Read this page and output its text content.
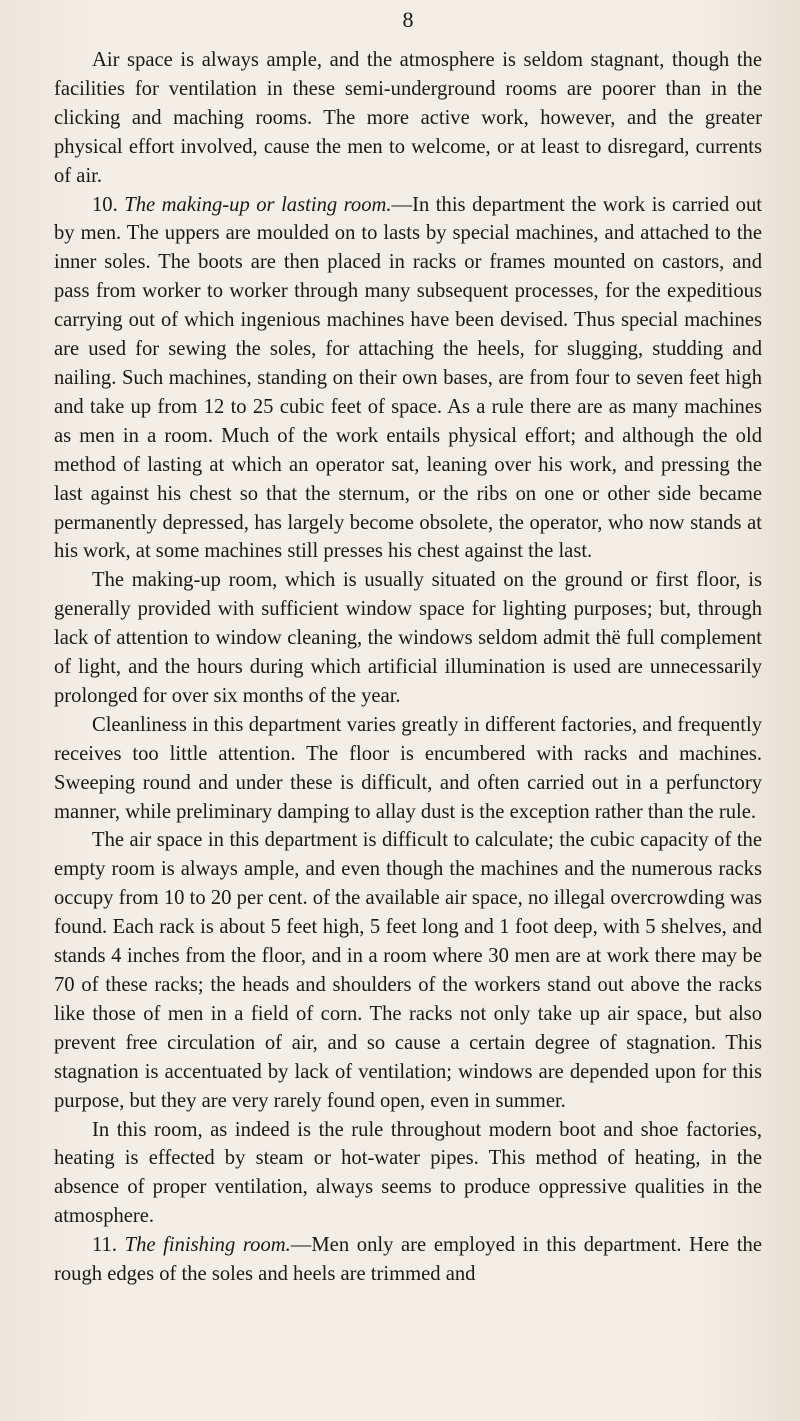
8

Air space is always ample, and the atmosphere is seldom stagnant, though the facilities for ventilation in these semi-underground rooms are poorer than in the clicking and maching rooms. The more active work, however, and the greater physical effort involved, cause the men to welcome, or at least to disregard, currents of air.

10. The making-up or lasting room.—In this department the work is carried out by men. The uppers are moulded on to lasts by special machines, and attached to the inner soles. The boots are then placed in racks or frames mounted on castors, and pass from worker to worker through many subsequent processes, for the expeditious carrying out of which ingenious machines have been devised. Thus special machines are used for sewing the soles, for attaching the heels, for slugging, studding and nailing. Such machines, standing on their own bases, are from four to seven feet high and take up from 12 to 25 cubic feet of space. As a rule there are as many machines as men in a room. Much of the work entails physical effort; and although the old method of lasting at which an operator sat, leaning over his work, and pressing the last against his chest so that the sternum, or the ribs on one or other side became permanently depressed, has largely become obsolete, the operator, who now stands at his work, at some machines still presses his chest against the last.

The making-up room, which is usually situated on the ground or first floor, is generally provided with sufficient window space for lighting purposes; but, through lack of attention to window cleaning, the windows seldom admit thë full complement of light, and the hours during which artificial illumination is used are unnecessarily prolonged for over six months of the year.

Cleanliness in this department varies greatly in different factories, and frequently receives too little attention. The floor is encumbered with racks and machines. Sweeping round and under these is difficult, and often carried out in a perfunctory manner, while preliminary damping to allay dust is the exception rather than the rule.

The air space in this department is difficult to calculate; the cubic capacity of the empty room is always ample, and even though the machines and the numerous racks occupy from 10 to 20 per cent. of the available air space, no illegal overcrowding was found. Each rack is about 5 feet high, 5 feet long and 1 foot deep, with 5 shelves, and stands 4 inches from the floor, and in a room where 30 men are at work there may be 70 of these racks; the heads and shoulders of the workers stand out above the racks like those of men in a field of corn. The racks not only take up air space, but also prevent free circulation of air, and so cause a certain degree of stagnation. This stagnation is accentuated by lack of ventilation; windows are depended upon for this purpose, but they are very rarely found open, even in summer.

In this room, as indeed is the rule throughout modern boot and shoe factories, heating is effected by steam or hot-water pipes. This method of heating, in the absence of proper ventilation, always seems to produce oppressive qualities in the atmosphere.

11. The finishing room.—Men only are employed in this department. Here the rough edges of the soles and heels are trimmed and
